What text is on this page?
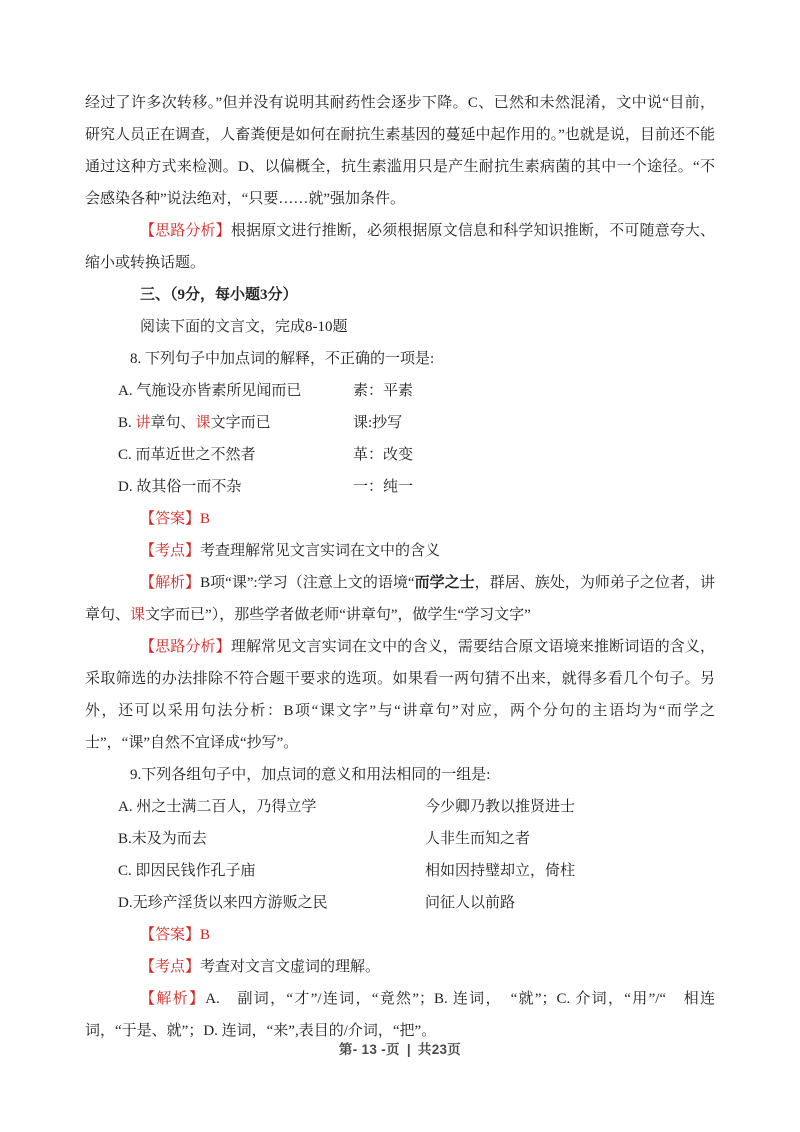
经过了许多次转移。”但并没有说明其耐药性会逐步下降。C、已然和未然混淆，文中说“目前，研究人员正在调查，人畜粪便是如何在耐抗生素基因的蔓延中起作用的。”也就是说，目前还不能通过这种方式来检测。D、以偏概全，抗生素滥用只是产生耐抗生素病菌的其中一个途径。“不会感染各种”说法绝对，“只要……就”强加条件。

【思路分析】根据原文进行推断，必须根据原文信息和科学知识推断，不可随意夸大、缩小或转换话题。

三、（9分，每小题3分）

阅读下面的文言文，完成8-10题

8. 下列句子中加点词的解释，不正确的一项是:

A. 气施设亦皆素所见闻而已	素：平素

B. 讲章句、课文字而已	课:抄写

C. 而革近世之不然者	革：改变

D. 故其俗一而不杂	一：纯一

【答案】B

【考点】考查理解常见文言实词在文中的含义

【解析】B项“课”:学习（注意上文的语境“而学之士，群居、族处，为师弟子之位者，讲章句、课文字而已”），那些学者做老师“讲章句”，做学生“学习文字”

【思路分析】理解常见文言实词在文中的含义，需要结合原文语境来推断词语的含义，采取筛选的办法排除不符合题干要求的选项。如果看一两句猜不出来，就得多看几个句子。另外，还可以采用句法分析：B项“课文字”与“讲章句”对应，两个分句的主语均为“而学之士”，“课”自然不宜译成“抄写”。

9.下列各组句子中，加点词的意义和用法相同的一组是:

A. 州之士满二百人，乃得立学	今少卿乃教以推贤进士

B.未及为而去	人非生而知之者

C. 即因民钱作孔子庙	相如因持璧却立，倚柱

D.无珍产淫货以来四方游贩之民	问征人以前路

【答案】B

【考点】考查对文言文虚词的理解。

【解析】A.　副词，“才”/连词，“竟然”；B. 连词，　“就”；C. 介词，“用”/“　相连词，“于是、就”；D. 连词，“来”,表目的/介词，“把”。

第- 13 -页 | 共23页
